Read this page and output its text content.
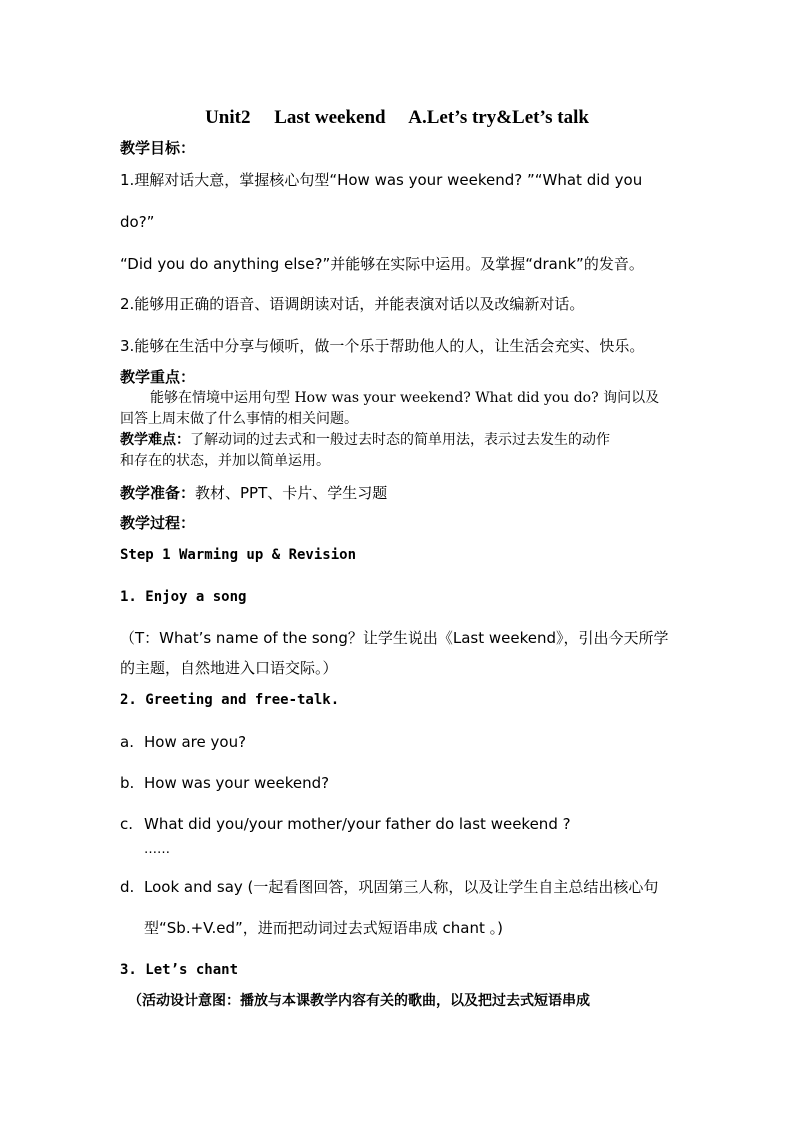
Unit2     Last weekend     A.Let’s try&Let’s talk
教学目标：
1.理解对话大意，掌握核心句型“How was your weekend? ”“What did you
do?”
“Did you do anything else?”并能够在实际中运用。及掌握“drank”的发音。
2.能够用正确的语音、语调朗读对话，并能表演对话以及改编新对话。
3.能够在生活中分享与倾听，做一个乐于帮助他人的人，让生活会充实、快乐。
教学重点：
能够在情境中运用句型 How was your weekend? What did you do? 询问以及
回答上周末做了什么事情的相关问题。
教学难点：了解动词的过去式和一般过去时态的简单用法，表示过去发生的动作
和存在的状态，并加以简单运用。
教学准备：教材、PPT、卡片、学生习题
教学过程：
Step 1 Warming up & Revision
1. Enjoy a song
（T：What’s name of the song？让学生说出《Last weekend》，引出今天所学
的主题，自然地进入口语交际。）
2. Greeting and free-talk.
a. How are you?
b. How was your weekend?
c. What did you/your mother/your father do last weekend ?
……
d. Look and say (一起看图回答，巩固第三人称，以及让学生自主总结出核心句
型“Sb.+V.ed”，进而把动词过去式短语串成 chant 。)
3. Let’s chant
（活动设计意图：播放与本课教学内容有关的歌曲，以及把过去式短语串成
